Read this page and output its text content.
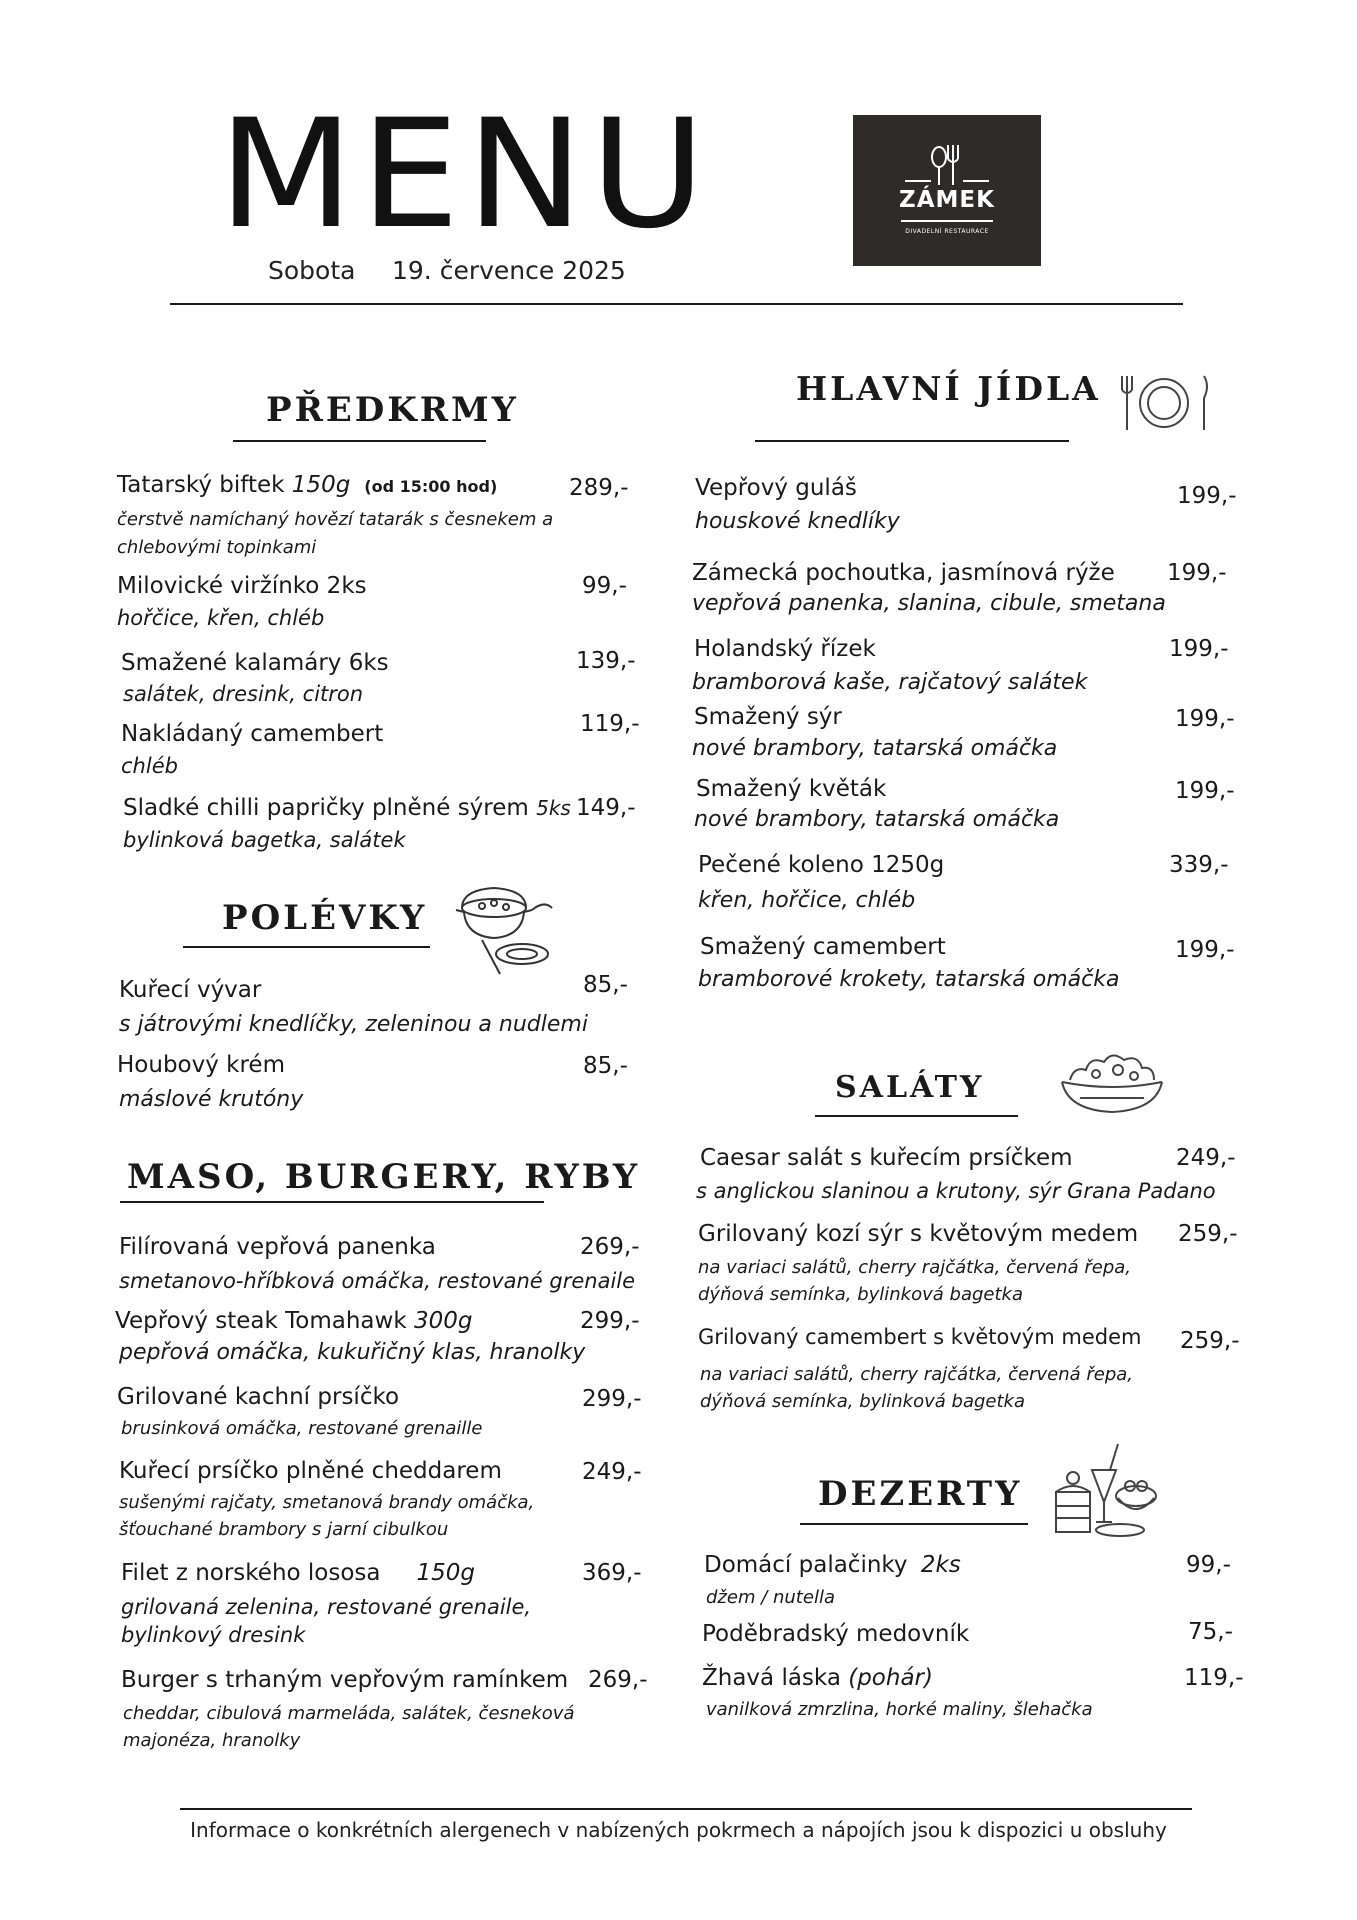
MENU
Sobota 19. července 2025
ZÁMEK
DIVADELNÍ RESTAURACE
PŘEDKRMY
Tatarský biftek 150g (od 15:00 hod)
čerstvě namíchaný hovězí tatarák s česnekem a
chlebovými topinkami
289,-
Milovické viržínko 2ks
hořčice, křen, chléb
99,-
Smažené kalamáry 6ks
salátek, dresink, citron
139,-
Nakládaný camembert
chléb
119,-
Sladké chilli papričky plněné sýrem 5ks
bylinková bagetka, salátek
149,-
POLÉVKY
Kuřecí vývar
s játrovými knedlíčky, zeleninou a nudlemi
85,-
Houbový krém
máslové krutóny
85,-
MASO, BURGERY, RYBY
Filírovaná vepřová panenka
smetanovo-hříbková omáčka, restované grenaile
269,-
Vepřový steak Tomahawk 300g
pepřová omáčka, kukuřičný klas, hranolky
299,-
Grilované kachní prsíčko
brusinková omáčka, restované grenaille
299,-
Kuřecí prsíčko plněné cheddarem
sušenými rajčaty, smetanová brandy omáčka,
šťouchané brambory s jarní cibulkou
249,-
Filet z norského lososa 150g
grilovaná zelenina, restované grenaile,
bylinkový dresink
369,-
Burger s trhaným vepřovým ramínkem
cheddar, cibulová marmeláda, salátek, česneková
majonéza, hranolky
269,-
HLAVNÍ JÍDLA
Vepřový guláš
houskové knedlíky
199,-
Zámecká pochoutka, jasmínová rýže
vepřová panenka, slanina, cibule, smetana
199,-
Holandský řízek
bramborová kaše, rajčatový salátek
199,-
Smažený sýr
nové brambory, tatarská omáčka
199,-
Smažený květák
nové brambory, tatarská omáčka
199,-
Pečené koleno 1250g
křen, hořčice, chléb
339,-
Smažený camembert
bramborové krokety, tatarská omáčka
199,-
SALÁTY
Caesar salát s kuřecím prsíčkem
s anglickou slaninou a krutony, sýr Grana Padano
249,-
Grilovaný kozí sýr s květovým medem
na variaci salátů, cherry rajčátka, červená řepa,
dýňová semínka, bylinková bagetka
259,-
Grilovaný camembert s květovým medem
na variaci salátů, cherry rajčátka, červená řepa,
dýňová semínka, bylinková bagetka
259,-
DEZERTY
Domácí palačinky 2ks
džem / nutella
99,-
Poděbradský medovník	75,-
Žhavá láska (pohár)
vanilková zmrzlina, horké maliny, šlehačka
119,-
Informace o konkrétních alergenech v nabízených pokrmech a nápojích jsou k dispozici u obsluhy
